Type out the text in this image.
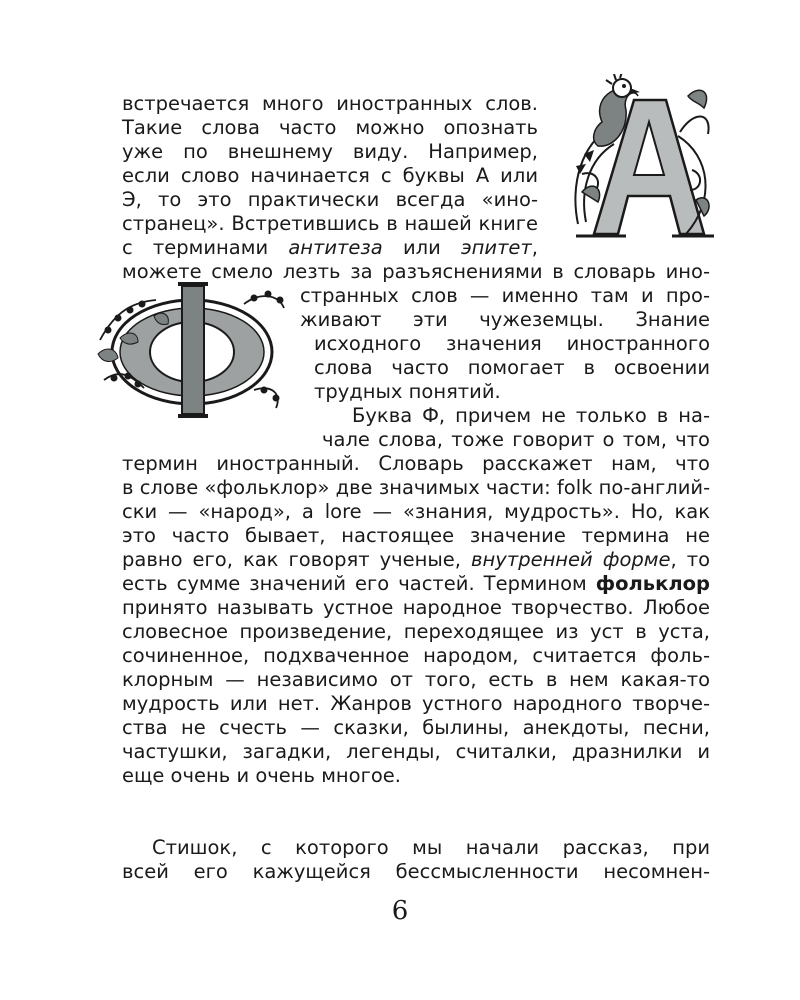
встречается много иностранных слов.
Такие слова часто можно опознать
уже по внешнему виду. Например,
если слово начинается с буквы А или
Э, то это практически всегда «ино-
странец». Встретившись в нашей книге
с терминами антитеза или эпитет,
можете смело лезть за разъяснениями в словарь ино-
странных слов — именно там и про-
живают эти чужеземцы. Знание
исходного значения иностранного
слова часто помогает в освоении
трудных понятий.
Буква Ф, причем не только в на-
чале слова, тоже говорит о том, что
термин иностранный. Словарь расскажет нам, что
в слове «фольклор» две значимых части: folk по-англий-
ски — «народ», а lore — «знания, мудрость». Но, как
это часто бывает, настоящее значение термина не
равно его, как говорят ученые, внутренней форме, то
есть сумме значений его частей. Термином фольклор
принято называть устное народное творчество. Любое
словесное произведение, переходящее из уст в уста,
сочиненное, подхваченное народом, считается фоль-
клорным — независимо от того, есть в нем какая-то
мудрость или нет. Жанров устного народного творче-
ства не счесть — сказки, былины, анекдоты, песни,
частушки, загадки, легенды, считалки, дразнилки и
еще очень и очень многое.
Стишок, с которого мы начали рассказ, при
всей его кажущейся бессмысленности несомнен-
6
